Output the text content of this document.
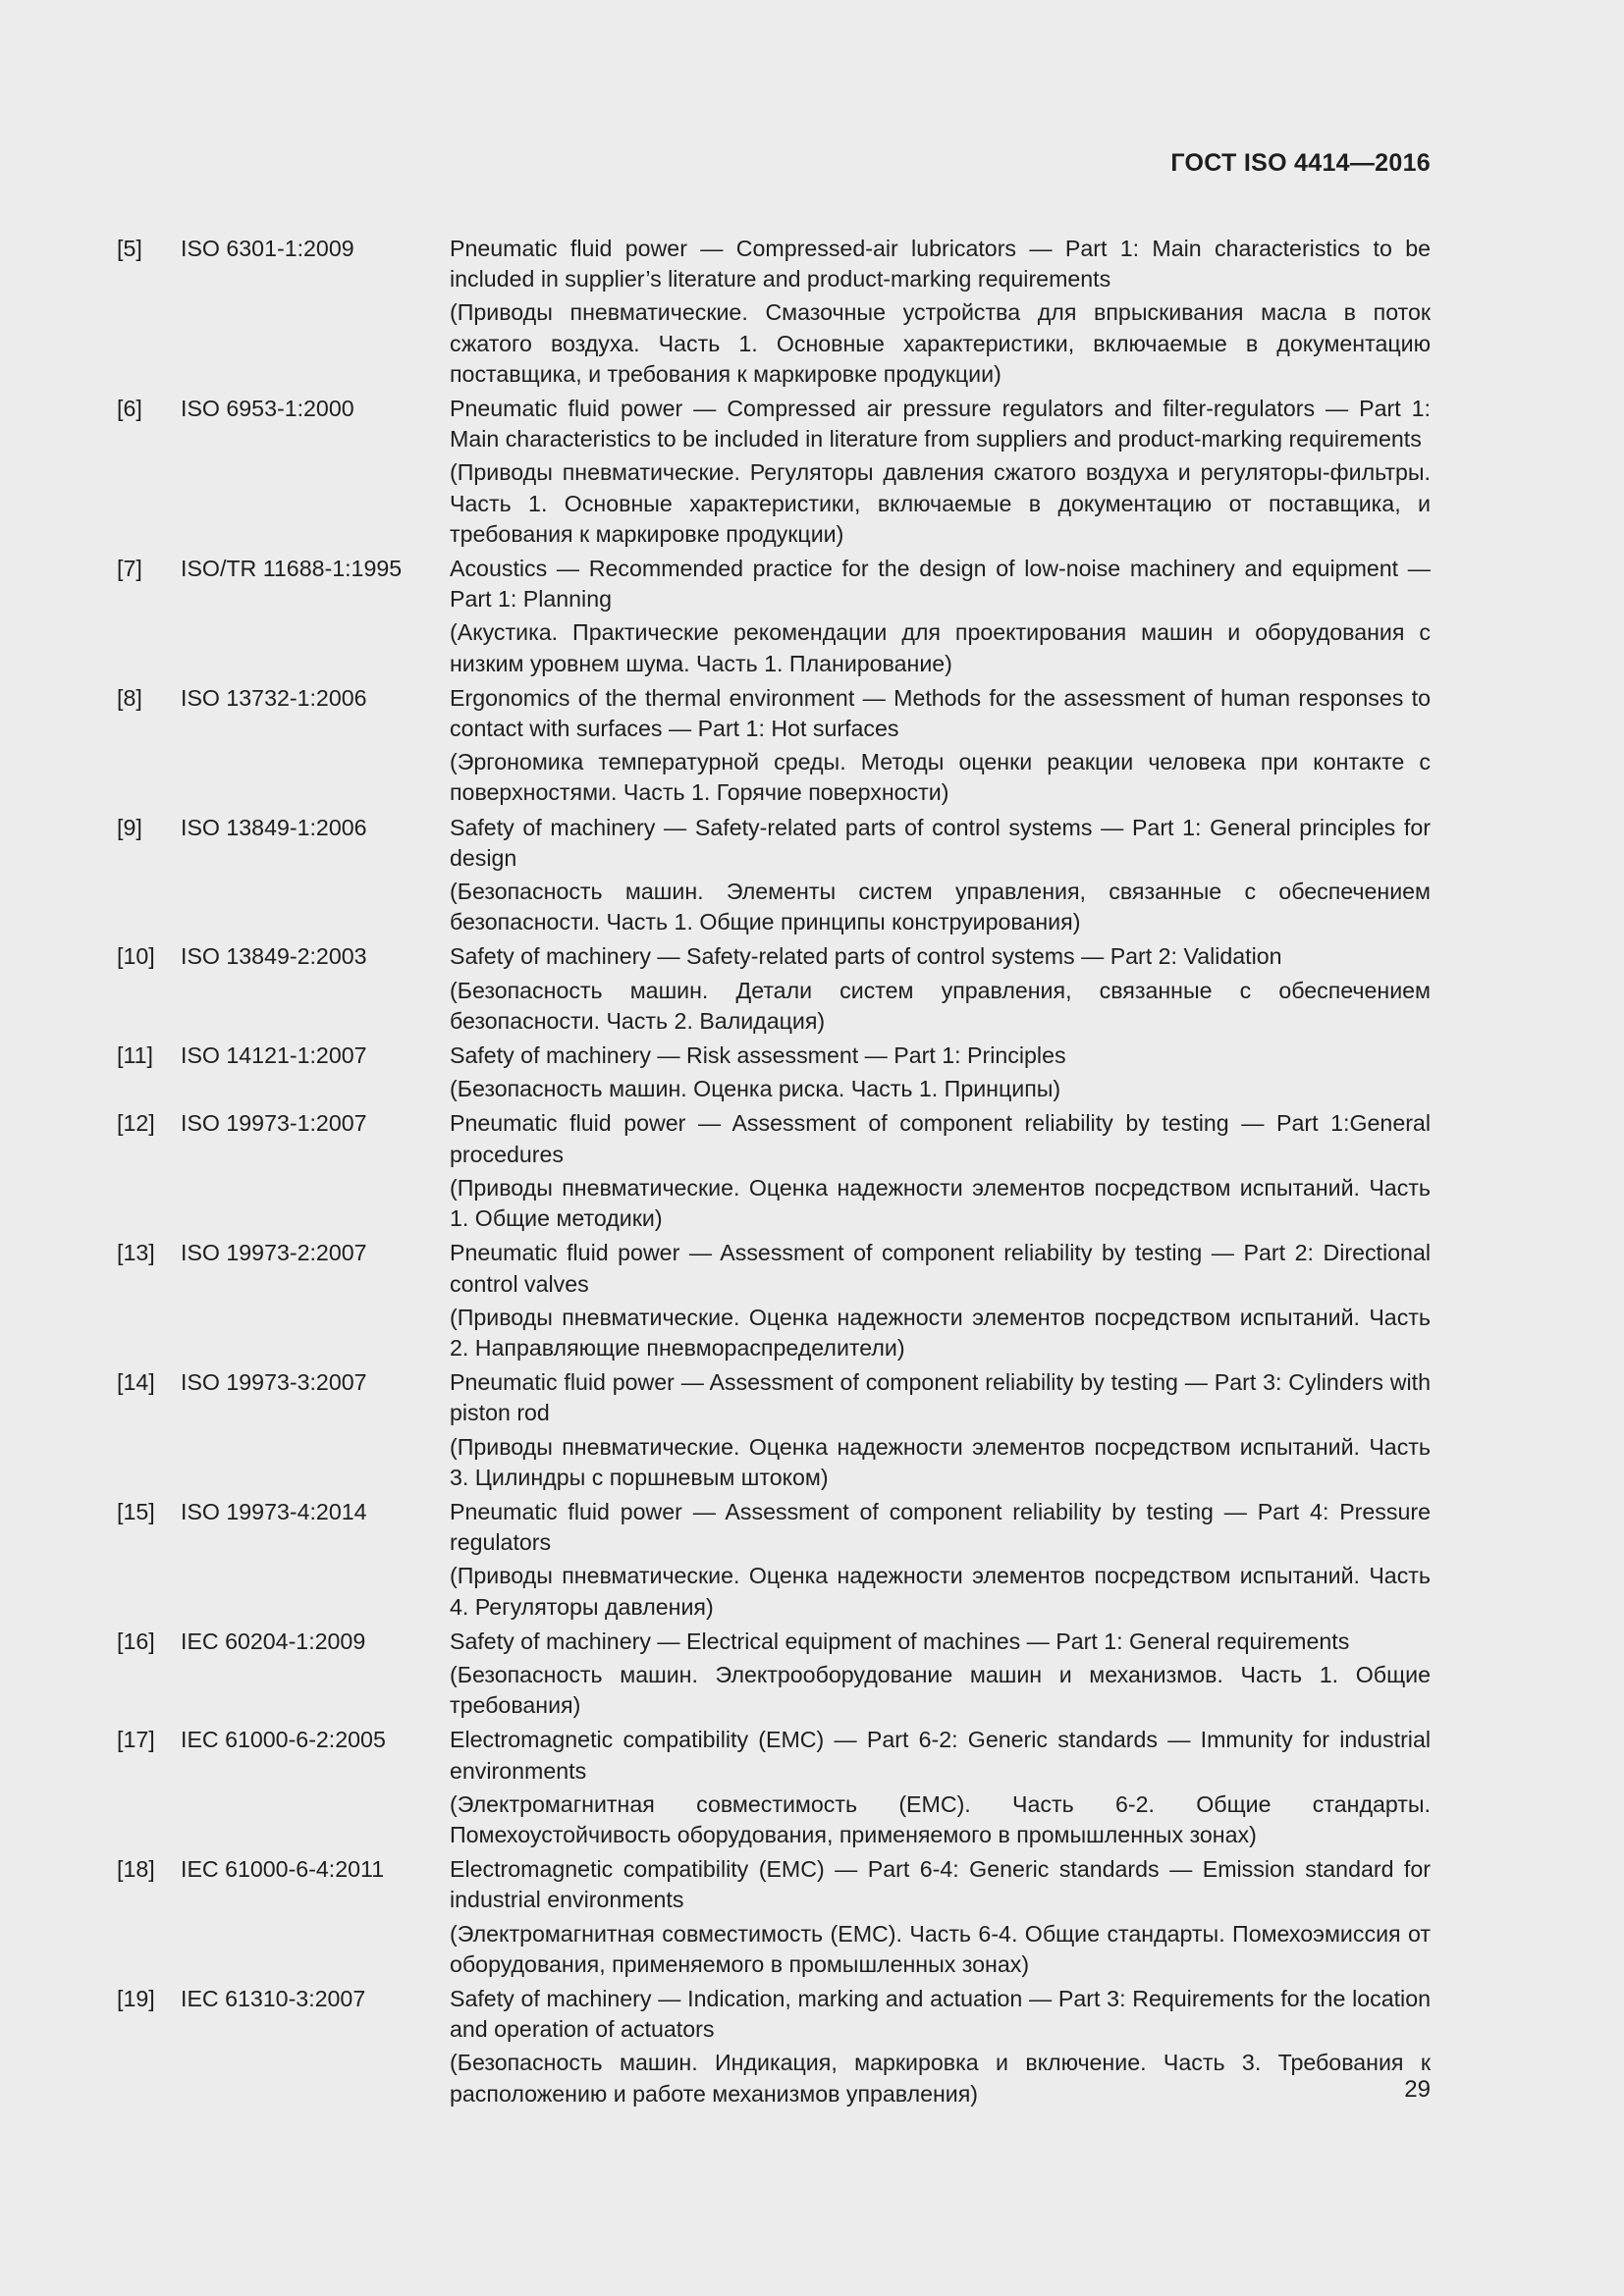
ГОСТ ISO 4414—2016
[5]	ISO 6301-1:2009	Pneumatic fluid power — Compressed-air lubricators — Part 1: Main characteristics to be included in supplier’s literature and product-marking requirements

(Приводы пневматические. Смазочные устройства для впрыскивания масла в поток сжатого воздуха. Часть 1. Основные характеристики, включаемые в документацию поставщика, и требования к маркировке продукции)

[6]	ISO 6953-1:2000	Pneumatic fluid power — Compressed air pressure regulators and filter-regulators — Part 1: Main characteristics to be included in literature from suppliers and product-marking requirements

(Приводы пневматические. Регуляторы давления сжатого воздуха и регуляторы-фильтры. Часть 1. Основные характеристики, включаемые в документацию от поставщика, и требования к маркировке продукции)

[7]	ISO/TR 11688-1:1995	Acoustics — Recommended practice for the design of low-noise machinery and equipment — Part 1: Planning

(Акустика. Практические рекомендации для проектирования машин и оборудования с низким уровнем шума. Часть 1. Планирование)

[8]	ISO 13732-1:2006	Ergonomics of the thermal environment — Methods for the assessment of human responses to contact with surfaces — Part 1: Hot surfaces

(Эргономика температурной среды. Методы оценки реакции человека при контакте с поверхностями. Часть 1. Горячие поверхности)

[9]	ISO 13849-1:2006	Safety of machinery — Safety-related parts of control systems — Part 1: General principles for design

(Безопасность машин. Элементы систем управления, связанные с обеспечением безопасности. Часть 1. Общие принципы конструирования)

[10]	ISO 13849-2:2003	Safety of machinery — Safety-related parts of control systems — Part 2: Validation

(Безопасность машин. Детали систем управления, связанные с обеспечением безопасности. Часть 2. Валидация)

[11]	ISO 14121-1:2007	Safety of machinery — Risk assessment — Part 1: Principles

(Безопасность машин. Оценка риска. Часть 1. Принципы)

[12]	ISO 19973-1:2007	Pneumatic fluid power — Assessment of component reliability by testing — Part 1:General procedures

(Приводы пневматические. Оценка надежности элементов посредством испытаний. Часть 1. Общие методики)

[13]	ISO 19973-2:2007	Pneumatic fluid power — Assessment of component reliability by testing — Part 2: Directional control valves

(Приводы пневматические. Оценка надежности элементов посредством испытаний. Часть 2. Направляющие пневмораспределители)

[14]	ISO 19973-3:2007	Pneumatic fluid power — Assessment of component reliability by testing — Part 3: Cylinders with piston rod

(Приводы пневматические. Оценка надежности элементов посредством испытаний. Часть 3. Цилиндры с поршневым штоком)

[15]	ISO 19973-4:2014	Pneumatic fluid power — Assessment of component reliability by testing — Part 4: Pressure regulators

(Приводы пневматические. Оценка надежности элементов посредством испытаний. Часть 4. Регуляторы давления)

[16]	IEC 60204-1:2009	Safety of machinery — Electrical equipment of machines — Part 1: General requirements

(Безопасность машин. Электрооборудование машин и механизмов. Часть 1. Общие требования)

[17]	IEC 61000-6-2:2005	Electromagnetic compatibility (EMC) — Part 6-2: Generic standards — Immunity for industrial environments

(Электромагнитная совместимость (EMC). Часть 6-2. Общие стандарты. Помехоустойчивость оборудования, применяемого в промышленных зонах)

[18]	IEC 61000-6-4:2011	Electromagnetic compatibility (EMC) — Part 6-4: Generic standards — Emission standard for industrial environments

(Электромагнитная совместимость (EMC). Часть 6-4. Общие стандарты. Помехоэмиссия от оборудования, применяемого в промышленных зонах)

[19]	IEC 61310-3:2007	Safety of machinery — Indication, marking and actuation — Part 3: Requirements for the location and operation of actuators

(Безопасность машин. Индикация, маркировка и включение. Часть 3. Требования к расположению и работе механизмов управления)	29
